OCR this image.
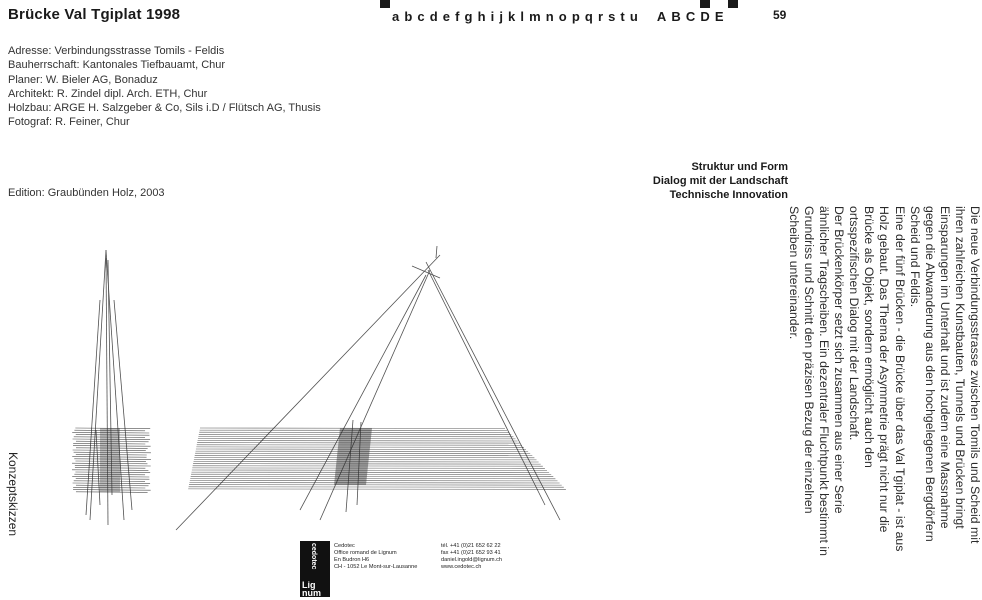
Brücke Val Tgiplat 1998	a b c d e f g h i j k l m n o p q r s t u A B C D E	59
Adresse: Verbindungsstrasse Tomils - Feldis
Bauherrschaft: Kantonales Tiefbauamt, Chur
Planer: W. Bieler AG, Bonaduz
Architekt: R. Zindel dipl. Arch. ETH, Chur
Holzbau: ARGE H. Salzgeber & Co, Sils i.D / Flütsch AG, Thusis
Fotograf: R. Feiner, Chur
Edition: Graubünden Holz, 2003
Struktur und Form
Dialog mit der Landschaft
Technische Innovation

Die neue Verbindungsstrasse zwischen Tomils und Scheid mit ihren zahlreichen Kunstbauten, Tunnels und Brücken bringt Einsparungen im Unterhalt und ist zudem eine Massnahme gegen die Abwanderung aus den hochgelegenen Bergdörfern Scheid und Feldis.

Eine der fünf Brücken - die Brücke über das Val Tgiplat - ist aus Holz gebaut. Das Thema der Asymmetrie prägt nicht nur die Brücke als Objekt, sondern ermöglicht auch den ortsspezifischen Dialog mit der Landschaft.

Der Brückenkörper setzt sich zusammen aus einer Serie ähnlicher Tragscheiben. Ein dezentraler Fluchtpunkt bestimmt in Grundriss und Schnitt den präzisen Bezug der einzelnen Scheiben untereinander.

Konzeptskizzen
cedotec
Lig num
Cedotec
Office romand de Lignum
En Budron H6
CH - 1052 Le Mont-sur-Lausanne
tél. +41 (0)21 652 62 22
fax +41 (0)21 652 93 41
daniel.ingold@lignum.ch
www.cedotec.ch
